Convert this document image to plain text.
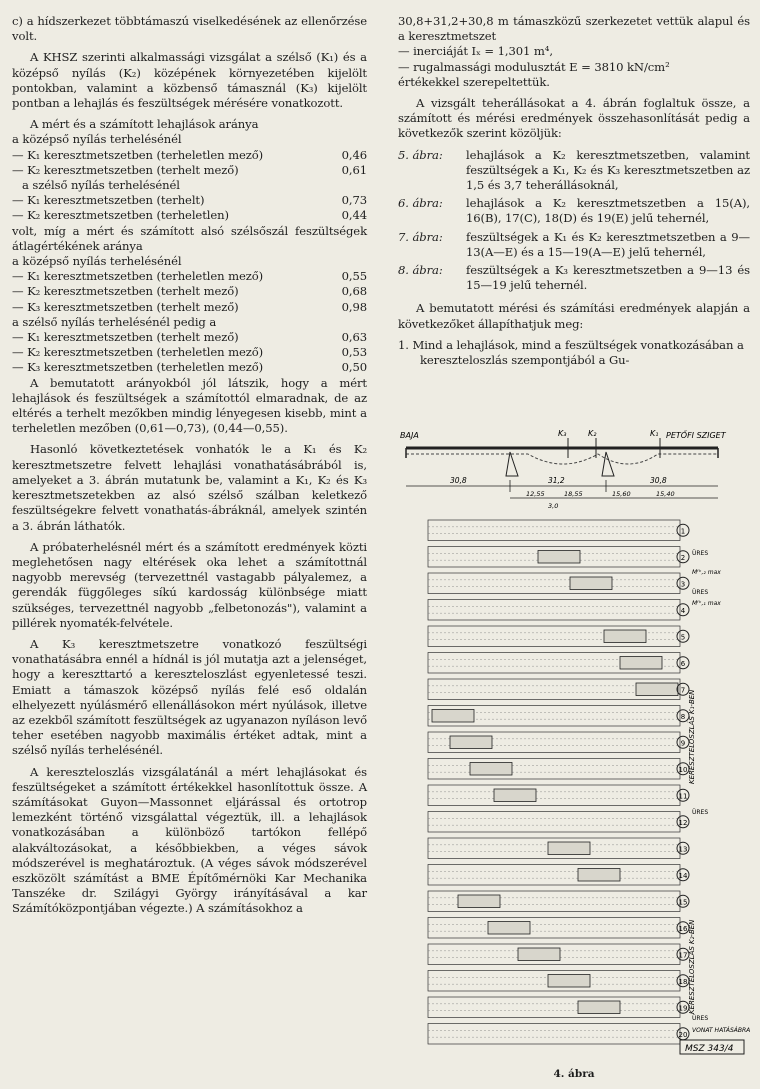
c) a hídszerkezet többtámaszú viselkedésének az ellenőrzése volt.

A KHSZ szerinti alkalmassági vizsgálat a szélső (K₁) és a középső nyílás (K₂) középének környezetében kijelölt pontokban, valamint a közbenső támasznál (K₃) kijelölt pontban a lehajlás és feszültségek mérésére vonatkozott.

A mért és a számított lehajlások aránya
a középső nyílás terhelésénél
— K₁ keresztmetszetben (terheletlen mező)	0,46
— K₂ keresztmetszetben (terhelt mező)	0,61
a szélső nyílás terhelésénél
— K₁ keresztmetszetben (terhelt)	0,73
— K₂ keresztmetszetben (terheletlen)	0,44
volt, míg a mért és számított alsó szélsőszál feszültségek átlagértékének aránya
a középső nyílás terhelésénél
— K₁ keresztmetszetben (terheletlen mező)	0,55
— K₂ keresztmetszetben (terhelt mező)	0,68
— K₃ keresztmetszetben (terhelt mező)	0,98
a szélső nyílás terhelésénél pedig a
— K₁ keresztmetszetben (terhelt mező)	0,63
— K₂ keresztmetszetben (terheletlen mező)	0,53
— K₃ keresztmetszetben (terheletlen mező)	0,50

A bemutatott arányokból jól látszik, hogy a mért lehajlások és feszültségek a számítottól elmaradnak, de az eltérés a terhelt mezőkben mindig lényegesen kisebb, mint a terheletlen mezőben (0,61—0,73), (0,44—0,55).

Hasonló következtetések vonhatók le a K₁ és K₂ keresztmetszetre felvett lehajlási vonathatásábrából is, amelyeket a 3. ábrán mutatunk be, valamint a K₁, K₂ és K₃ keresztmetszetekben az alsó szélső szálban keletkező feszültségekre felvett vonathatás-ábráknál, amelyek szintén a 3. ábrán láthatók.

A próbaterhelésnél mért és a számított eredmények közti meglehetősen nagy eltérések oka lehet a számítottnál nagyobb merevség (tervezettnél vastagabb pályalemez, a gerendák függőleges síkú kardosság különbsége miatt szükséges, tervezettnél nagyobb „felbetonozás"), valamint a pillérek nyomaték-felvétele.

A K₃ keresztmetszetre vonatkozó feszültségi vonathatásábra ennél a hídnál is jól mutatja azt a jelenséget, hogy a kereszttartó a kereszteloszlást egyenletessé teszi. Emiatt a támaszok középső nyílás felé eső oldalán elhelyezett nyúlásmérő ellenállásokon mért nyúlások, illetve az ezekből számított feszültségek az ugyanazon nyíláson levő teher esetében nagyobb maximális értéket adtak, mint a szélső nyílás terhelésénél.

A kereszteloszlás vizsgálatánál a mért lehajlásokat és feszültségeket a számított értékekkel hasonlítottuk össze. A számításokat Guyon—Massonnet eljárással és ortotrop lemezként történő vizsgálattal végeztük, ill. a lehajlások vonatkozásában a különböző tartókon fellépő alakváltozásokat, a későbbiekben, a véges sávok módszerével is meghatároztuk. (A véges sávok módszerével eszközölt számítást a BME Építőmérnöki Kar Mechanika Tanszéke dr. Szilágyi György irányításával a kar Számítóközpontjában végezte.) A számításokhoz a

30,8+31,2+30,8 m támaszközű szerkezetet vettük alapul és a keresztmetszet
— inerciáját Iₓ = 1,301 m⁴,
— rugalmassági modulusztát E = 3810 kN/cm²

értékekkel szerepeltettük.

A vizsgált teherállásokat a 4. ábrán foglaltuk össze, a számított és mérési eredmények összehasonlítását pedig a következők szerint közöljük:

5. ábra:	lehajlások a K₂ keresztmetszetben, valamint feszültségek a K₁, K₂ és K₃ keresztmetszetben az 1,5 és 3,7 teherállásoknál,
6. ábra:	lehajlások a K₂ keresztmetszetben a 15(A), 16(B), 17(C), 18(D) és 19(E) jelű tehernél,
7. ábra:	feszültségek a K₁ és K₂ keresztmetszetben a 9—13(A—E) és a 15—19(A—E) jelű tehernél,
8. ábra:	feszültségek a K₃ keresztmetszetben a 9—13 és 15—19 jelű tehernél.

A bemutatott mérési és számítási eredmények alapján a következőket állapíthatjuk meg:

1. Mind a lehajlások, mind a feszültségek vonatkozásában a kereszteloszlás szempontjából a Gu-

BAJA	PETŐFI SZIGET
K₃	K₂	K₁
30,8	31,2	30,8
12,55	18,55	15,60	15,40
3,0
1
2
3
4
5
6
7
8
9
10
11
12
13
14
15
16
17
18
19
20
KERESZTELOSZLÁS K₁-BEN
KERESZTELOSZLÁS K₂-BEN
ÜRES
Mᶠᵏ,₂ max
ÜRES
Mᶠᵏ,₁ max
ÜRES
ÜRES
VONAT HATÁSÁBRA
MSZ 343/4
4. ábra
